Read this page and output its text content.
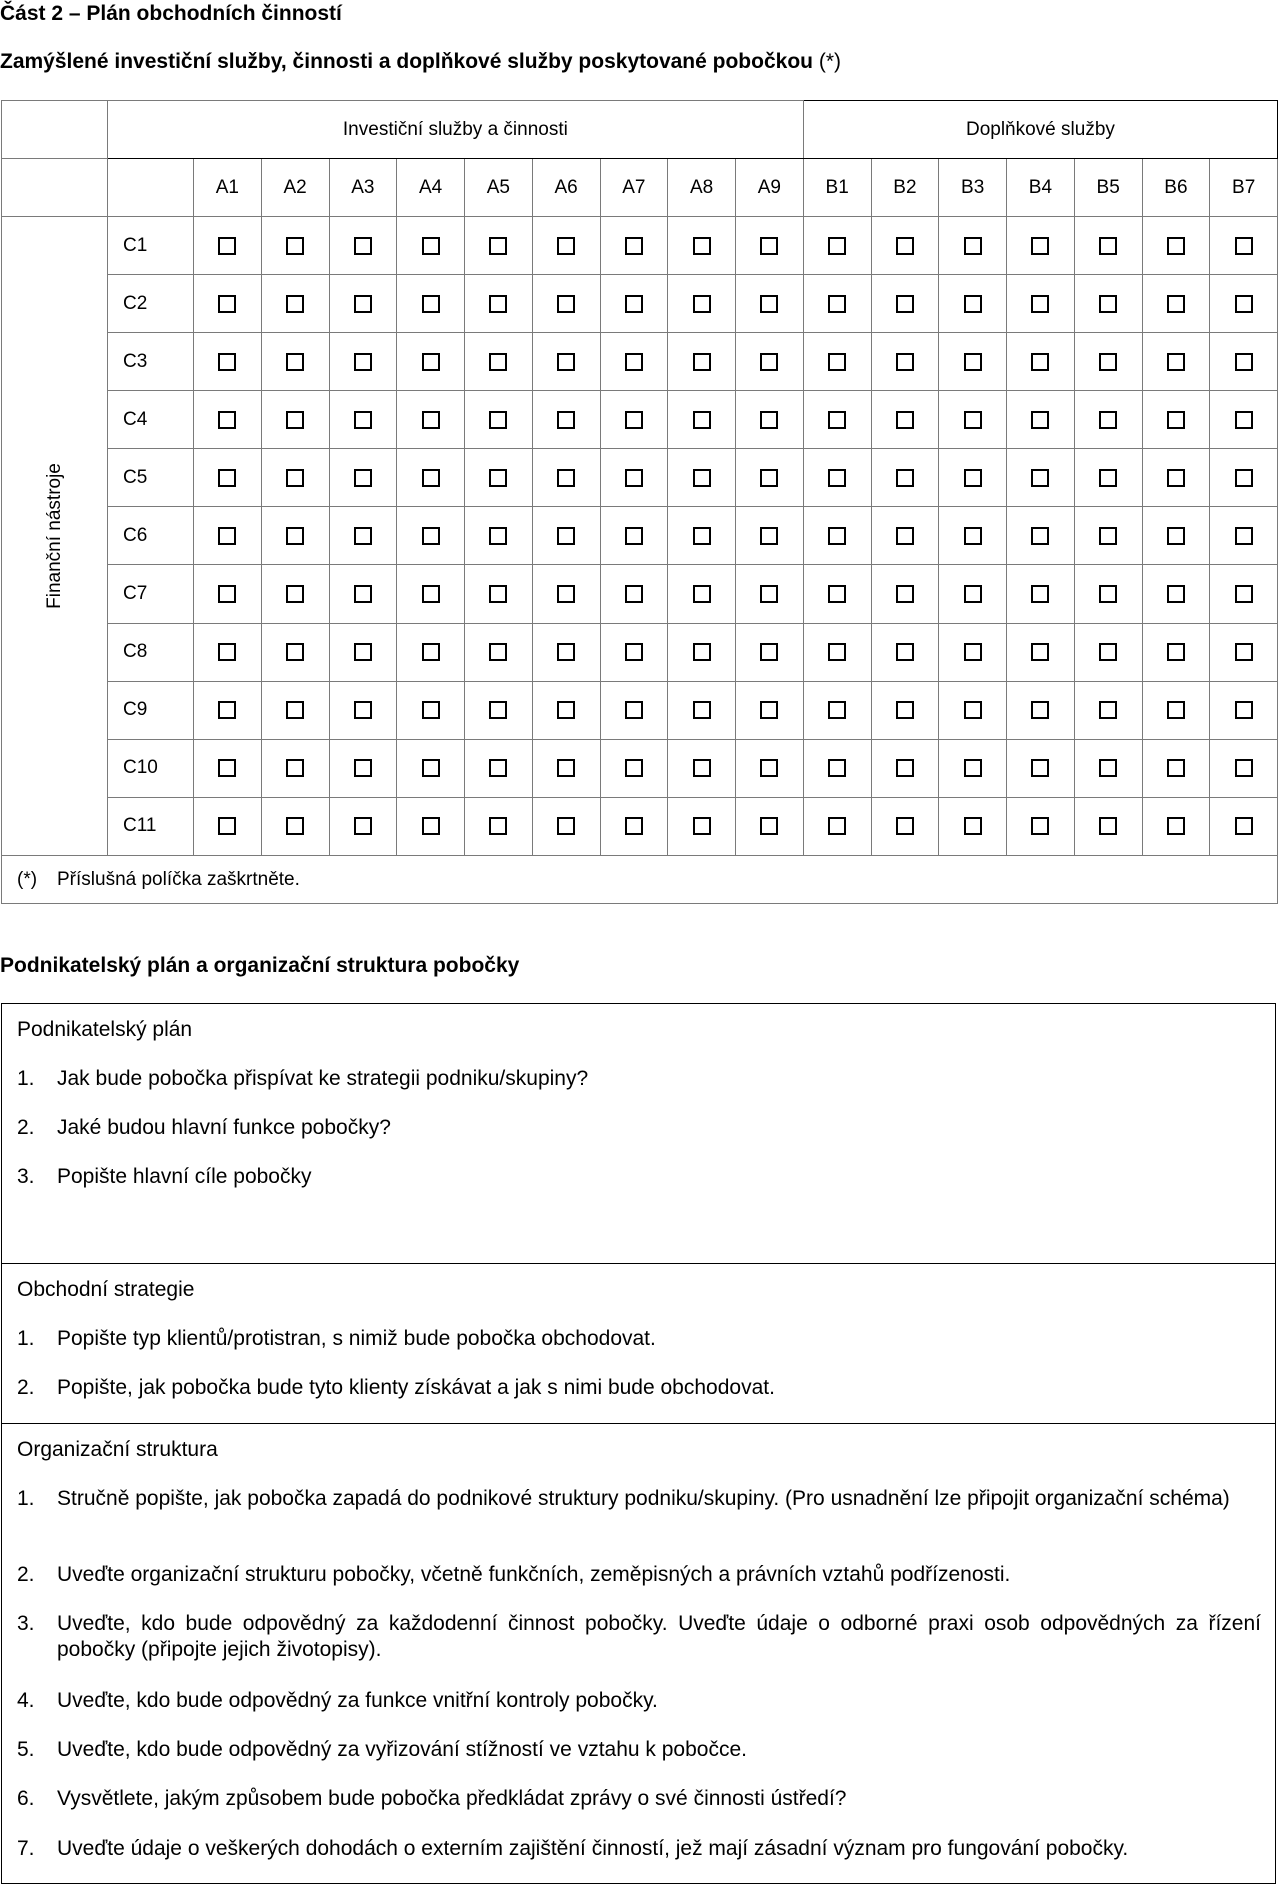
Část 2 – Plán obchodních činností
Zamýšlené investiční služby, činnosti a doplňkové služby poskytované pobočkou (*)
	Investiční služby a činnosti										Doplňkové služby						
		A1	A2	A3	A4	A5	A6	A7	A8	A9	B1	B2	B3	B4	B5	B6	B7

Finanční nástroje	C1																
	C2																
	C3																
	C4																
	C5																
	C6																
	C7																
	C8																
	C9																
	C10																
	C11																
(*) Příslušná políčka zaškrtněte.																	
Podnikatelský plán a organizační struktura pobočky
Podnikatelský plán
1.	Jak bude pobočka přispívat ke strategii podniku/skupiny?
2.	Jaké budou hlavní funkce pobočky?
3.	Popište hlavní cíle pobočky
Obchodní strategie
1.	Popište typ klientů/protistran, s nimiž bude pobočka obchodovat.
2.	Popište, jak pobočka bude tyto klienty získávat a jak s nimi bude obchodovat.
Organizační struktura
1.	Stručně popište, jak pobočka zapadá do podnikové struktury podniku/skupiny. (Pro usnadnění lze připojit organizační schéma)
2.	Uveďte organizační strukturu pobočky, včetně funkčních, zeměpisných a právních vztahů podřízenosti.
3.	Uveďte, kdo bude odpovědný za každodenní činnost pobočky. Uveďte údaje o odborné praxi osob odpovědných za řízení pobočky (připojte jejich životopisy).
4.	Uveďte, kdo bude odpovědný za funkce vnitřní kontroly pobočky.
5.	Uveďte, kdo bude odpovědný za vyřizování stížností ve vztahu k pobočce.
6.	Vysvětlete, jakým způsobem bude pobočka předkládat zprávy o své činnosti ústředí?
7.	Uveďte údaje o veškerých dohodách o externím zajištění činností, jež mají zásadní význam pro fungování pobočky.
